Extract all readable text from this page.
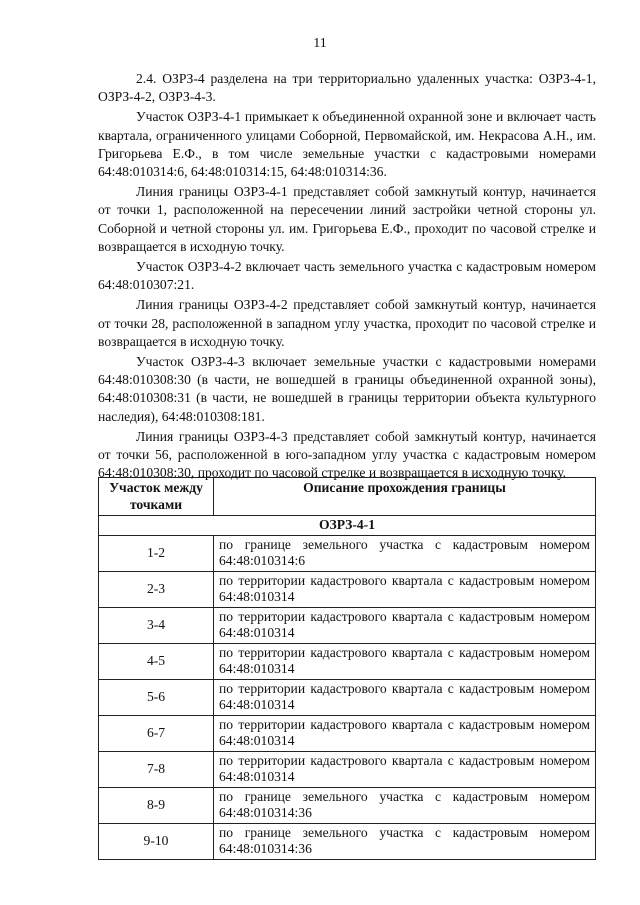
11

2.4. ОЗРЗ-4 разделена на три территориально удаленных участка: ОЗРЗ-4-1, ОЗРЗ-4-2, ОЗРЗ-4-3.

Участок ОЗРЗ-4-1 примыкает к объединенной охранной зоне и включает часть квартала, ограниченного улицами Соборной, Первомайской, им. Некрасова А.Н., им. Григорьева Е.Ф., в том числе земельные участки с кадастровыми номерами 64:48:010314:6, 64:48:010314:15, 64:48:010314:36.

Линия границы ОЗРЗ-4-1 представляет собой замкнутый контур, начинается от точки 1, расположенной на пересечении линий застройки четной стороны ул. Соборной и четной стороны ул. им. Григорьева Е.Ф., проходит по часовой стрелке и возвращается в исходную точку.

Участок ОЗРЗ-4-2 включает часть земельного участка с кадастровым номером 64:48:010307:21.

Линия границы ОЗРЗ-4-2 представляет собой замкнутый контур, начинается от точки 28, расположенной в западном углу участка, проходит по часовой стрелке и возвращается в исходную точку.

Участок ОЗРЗ-4-3 включает земельные участки с кадастровыми номерами 64:48:010308:30 (в части, не вошедшей в границы объединенной охранной зоны), 64:48:010308:31 (в части, не вошедшей в границы территории объекта культурного наследия), 64:48:010308:181.

Линия границы ОЗРЗ-4-3 представляет собой замкнутый контур, начинается от точки 56, расположенной в юго-западном углу участка с кадастровым номером 64:48:010308:30, проходит по часовой стрелке и возвращается в исходную точку.

Участок между точками	Описание прохождения границы
ОЗРЗ-4-1	
1-2	по границе земельного участка с кадастровым номером 64:48:010314:6

2-3	по территории кадастрового квартала с кадастровым номером 64:48:010314

3-4	по территории кадастрового квартала с кадастровым номером 64:48:010314

4-5	по территории кадастрового квартала с кадастровым номером 64:48:010314

5-6	по территории кадастрового квартала с кадастровым номером 64:48:010314

6-7	по территории кадастрового квартала с кадастровым номером 64:48:010314

7-8	по территории кадастрового квартала с кадастровым номером 64:48:010314

8-9	по границе земельного участка с кадастровым номером 64:48:010314:36

9-10	по границе земельного участка с кадастровым номером 64:48:010314:36
